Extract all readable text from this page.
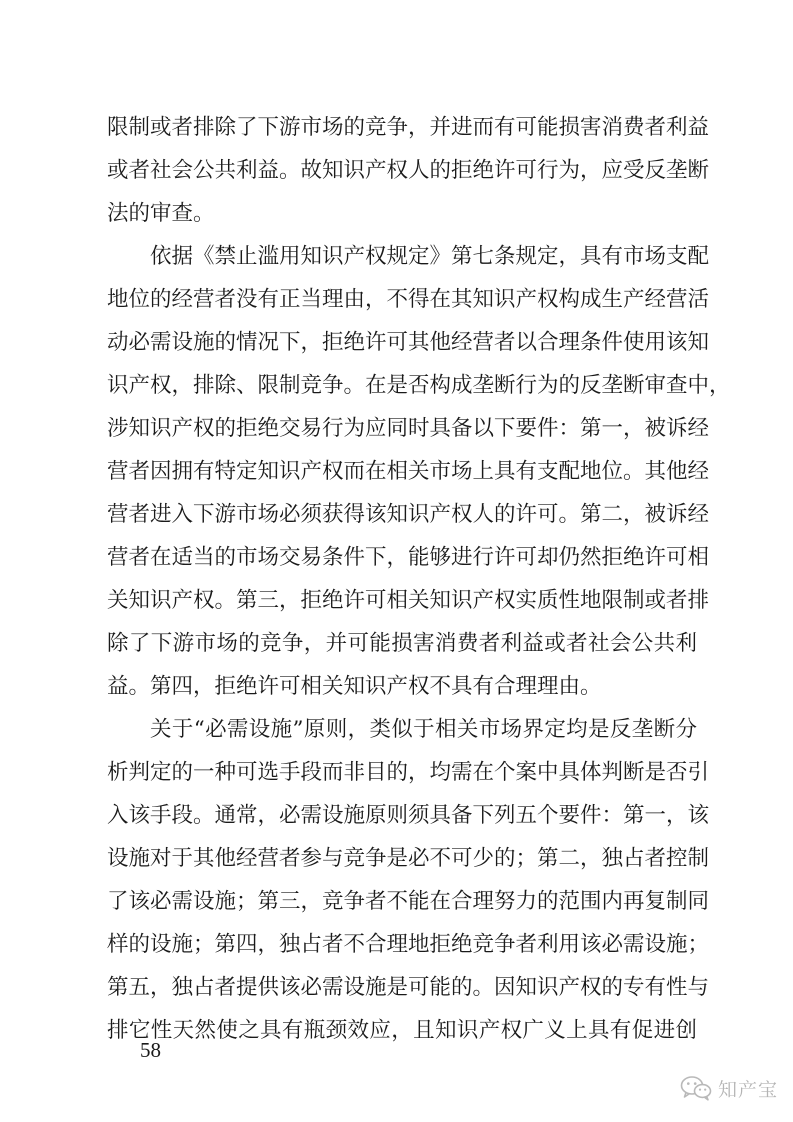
限制或者排除了下游市场的竞争，并进而有可能损害消费者利益
或者社会公共利益。故知识产权人的拒绝许可行为，应受反垄断
法的审查。
依据《禁止滥用知识产权规定》第七条规定，具有市场支配
地位的经营者没有正当理由，不得在其知识产权构成生产经营活
动必需设施的情况下，拒绝许可其他经营者以合理条件使用该知
识产权，排除、限制竞争。在是否构成垄断行为的反垄断审查中，
涉知识产权的拒绝交易行为应同时具备以下要件：第一，被诉经
营者因拥有特定知识产权而在相关市场上具有支配地位。其他经
营者进入下游市场必须获得该知识产权人的许可。第二，被诉经
营者在适当的市场交易条件下，能够进行许可却仍然拒绝许可相
关知识产权。第三，拒绝许可相关知识产权实质性地限制或者排
除了下游市场的竞争，并可能损害消费者利益或者社会公共利
益。第四，拒绝许可相关知识产权不具有合理理由。
关于“必需设施”原则，类似于相关市场界定均是反垄断分
析判定的一种可选手段而非目的，均需在个案中具体判断是否引
入该手段。通常，必需设施原则须具备下列五个要件：第一，该
设施对于其他经营者参与竞争是必不可少的；第二，独占者控制
了该必需设施；第三，竞争者不能在合理努力的范围内再复制同
样的设施；第四，独占者不合理地拒绝竞争者利用该必需设施；
第五，独占者提供该必需设施是可能的。因知识产权的专有性与
排它性天然使之具有瓶颈效应，且知识产权广义上具有促进创
58
知产宝
